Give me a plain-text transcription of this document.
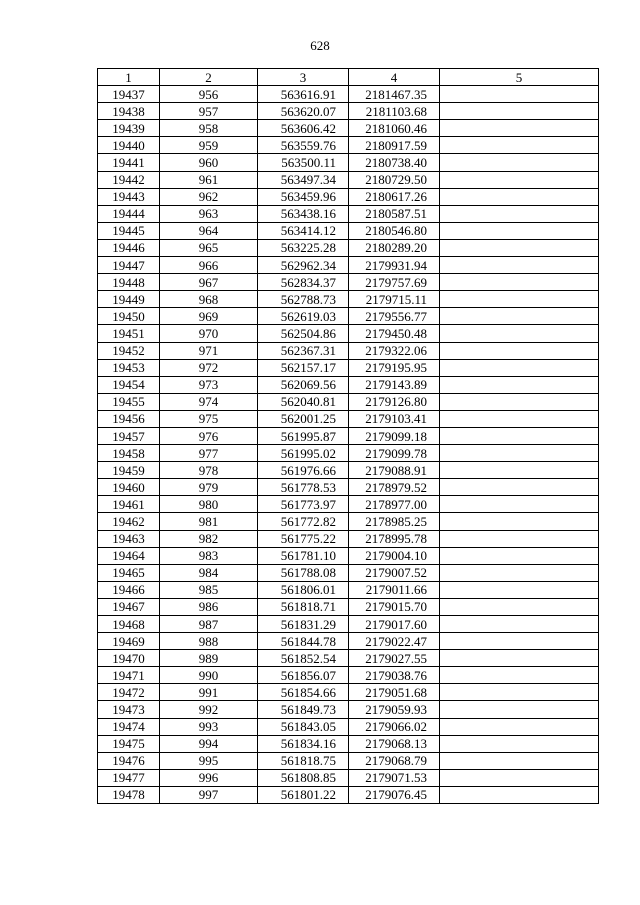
628
1	2	3	4	5
19437	956	563616.91	2181467.35	
19438	957	563620.07	2181103.68	
19439	958	563606.42	2181060.46	
19440	959	563559.76	2180917.59	
19441	960	563500.11	2180738.40	
19442	961	563497.34	2180729.50	
19443	962	563459.96	2180617.26	
19444	963	563438.16	2180587.51	
19445	964	563414.12	2180546.80	
19446	965	563225.28	2180289.20	
19447	966	562962.34	2179931.94	
19448	967	562834.37	2179757.69	
19449	968	562788.73	2179715.11	
19450	969	562619.03	2179556.77	
19451	970	562504.86	2179450.48	
19452	971	562367.31	2179322.06	
19453	972	562157.17	2179195.95	
19454	973	562069.56	2179143.89	
19455	974	562040.81	2179126.80	
19456	975	562001.25	2179103.41	
19457	976	561995.87	2179099.18	
19458	977	561995.02	2179099.78	
19459	978	561976.66	2179088.91	
19460	979	561778.53	2178979.52	
19461	980	561773.97	2178977.00	
19462	981	561772.82	2178985.25	
19463	982	561775.22	2178995.78	
19464	983	561781.10	2179004.10	
19465	984	561788.08	2179007.52	
19466	985	561806.01	2179011.66	
19467	986	561818.71	2179015.70	
19468	987	561831.29	2179017.60	
19469	988	561844.78	2179022.47	
19470	989	561852.54	2179027.55	
19471	990	561856.07	2179038.76	
19472	991	561854.66	2179051.68	
19473	992	561849.73	2179059.93	
19474	993	561843.05	2179066.02	
19475	994	561834.16	2179068.13	
19476	995	561818.75	2179068.79	
19477	996	561808.85	2179071.53	
19478	997	561801.22	2179076.45	
